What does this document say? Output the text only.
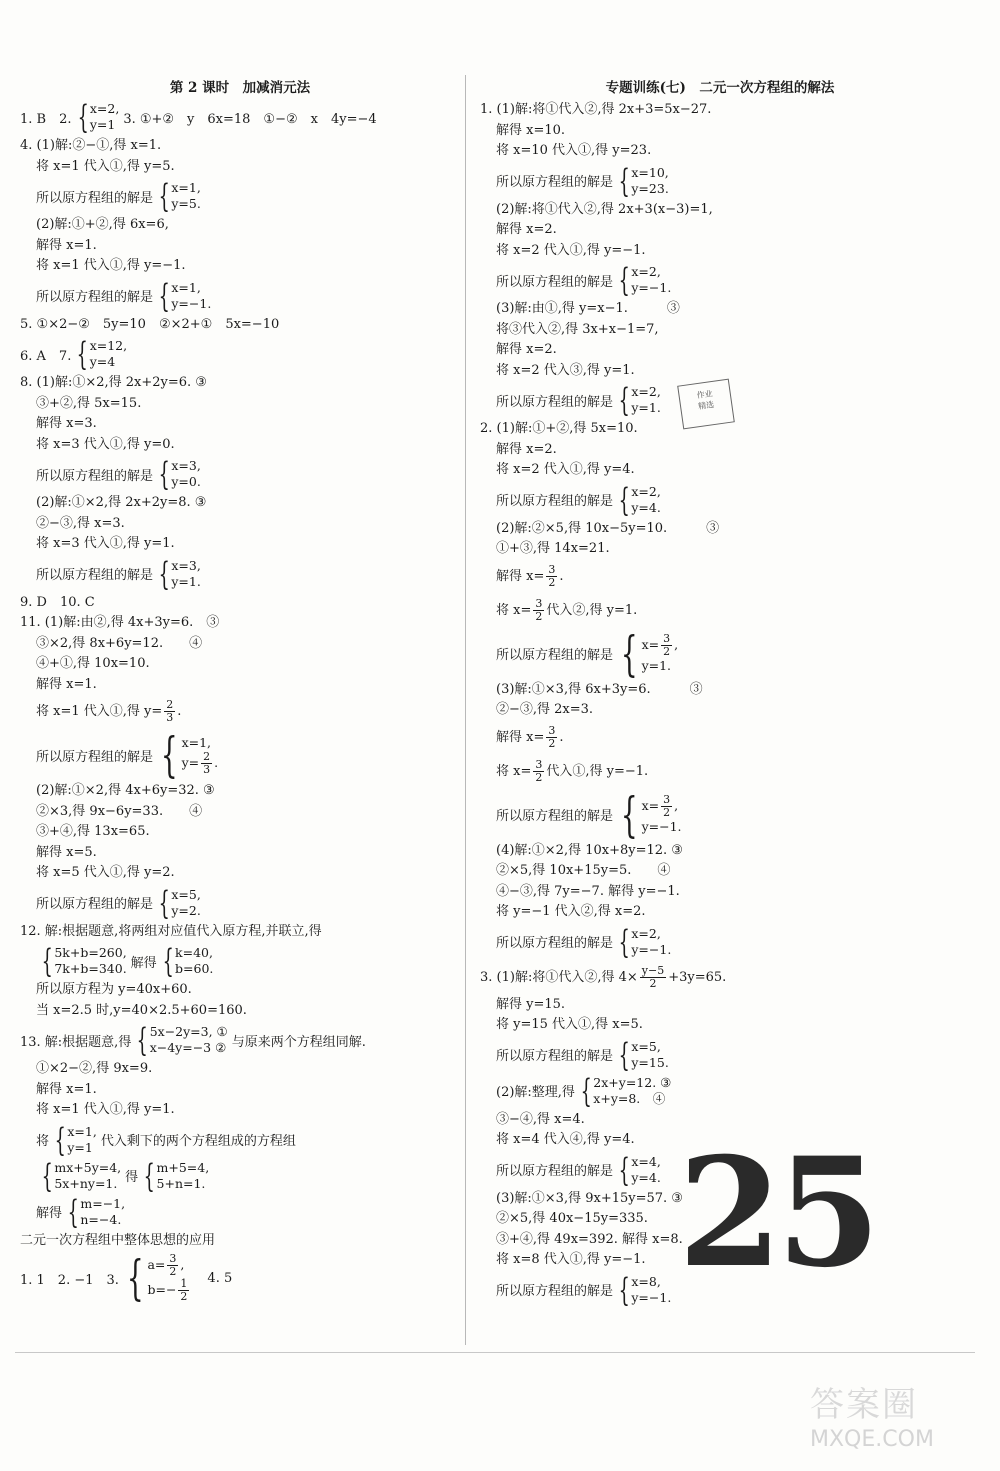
第 2 课时　加减消元法
1. B　2. { x=2,
y=1 3. ①+②　y　6x=18　①−②　x　4y=−4
4. (1)解:②−①,得 x=1.
将 x=1 代入①,得 y=5.
所以原方程组的解是 { x=1,
y=5.
(2)解:①+②,得 6x=6,
解得 x=1.
将 x=1 代入①,得 y=−1.
所以原方程组的解是 { x=1,
y=−1.
5. ①×2−②　5y=10　②×2+①　5x=−10
6. A　7. { x=12,
y=4
8. (1)解:①×2,得 2x+2y=6. ③
③+②,得 5x=15.
解得 x=3.
将 x=3 代入①,得 y=0.
所以原方程组的解是 { x=3,
y=0.
(2)解:①×2,得 2x+2y=8. ③
②−③,得 x=3.
将 x=3 代入①,得 y=1.
所以原方程组的解是 { x=3,
y=1.
9. D　10. C
11. (1)解:由②,得 4x+3y=6.　③
③×2,得 8x+6y=12.　　④
④+①,得 10x=10.
解得 x=1.
将 x=1 代入①,得 $y= \frac{2}{3}$ .
所以原方程组的解是 { x=1,
$y= \frac{2}{3}$ .
(2)解:①×2,得 4x+6y=32. ③
②×3,得 9x−6y=33.　　④
③+④,得 13x=65.
解得 x=5.
将 x=5 代入①,得 y=2.
所以原方程组的解是 { x=5,
y=2.
12. 解:根据题意,将两组对应值代入原方程,并联立,得
{ 5k+b=260,
7k+b=340. 解得 { k=40,
b=60.
所以原方程为 y=40x+60.
当 x=2.5 时,y=40×2.5+60=160.
13. 解:根据题意,得 { 5x−2y=3, ①
x−4y=−3 ② 与原来两个方程组同解.
①×2−②,得 9x=9.
解得 x=1.
将 x=1 代入①,得 y=1.
将 { x=1,
y=1 代入剩下的两个方程组成的方程组
{ mx+5y=4,
5x+ny=1. 得 { m+5=4,
5+n=1.
解得 { m=−1,
n=−4.
二元一次方程组中整体思想的应用
1. 1　2. −1　3. { $a= \frac{3}{2}$ ,
$b=- \frac{1}{2} 4$. 5
专题训练(七)　二元一次方程组的解法
1. (1)解:将①代入②,得 2x+3=5x−27.
解得 x=10.
将 x=10 代入①,得 y=23.
所以原方程组的解是 { x=10,
y=23.
(2)解:将①代入②,得 2x+3(x−3)=1,
解得 x=2.
将 x=2 代入①,得 y=−1.
所以原方程组的解是 { x=2,
y=−1.
(3)解:由①,得 y=x−1.　　　③
将③代入②,得 3x+x−1=7,
解得 x=2.
将 x=2 代入③,得 y=1.
所以原方程组的解是 { x=2,
y=1.
2. (1)解:①+②,得 5x=10.
解得 x=2.
将 x=2 代入①,得 y=4.
所以原方程组的解是 { x=2,
y=4.
(2)解:②×5,得 10x−5y=10.　　　③
①+③,得 14x=21.
解得 $x= \frac{3}{2}$ .
将 $x= \frac{3}{2}$ 代入②,得 y=1.
所以原方程组的解是 { $x= \frac{3}{2}$ ,
y=1.
(3)解:①×3,得 6x+3y=6.　　　③
②−③,得 2x=3.
解得 $x= \frac{3}{2}$ .
将 $x= \frac{3}{2}$ 代入①,得 y=−1.
所以原方程组的解是 { $x= \frac{3}{2}$ ,
y=−1.
(4)解:①×2,得 10x+8y=12. ③
②×5,得 10x+15y=5.　　④
④−③,得 7y=−7. 解得 y=−1.
将 y=−1 代入②,得 x=2.
所以原方程组的解是 { x=2,
y=−1.
3. (1)解:将①代入②,得 $4\times \frac{y-5}{2} +3y=65$.
解得 y=15.
将 y=15 代入①,得 x=5.
所以原方程组的解是 { x=5,
y=15.
(2)解:整理,得 { 2x+y=12. ③
x+y=8.　④
③−④,得 x=4.
将 x=4 代入④,得 y=4.
所以原方程组的解是 { x=4,
y=4.
(3)解:①×3,得 9x+15y=57. ③
②×5,得 40x−15y=335.
③+④,得 49x=392. 解得 x=8.
将 x=8 代入①,得 y=−1.
所以原方程组的解是 { x=8,
y=−1.
作业
精选
25
答案圈
MXQE.COM
